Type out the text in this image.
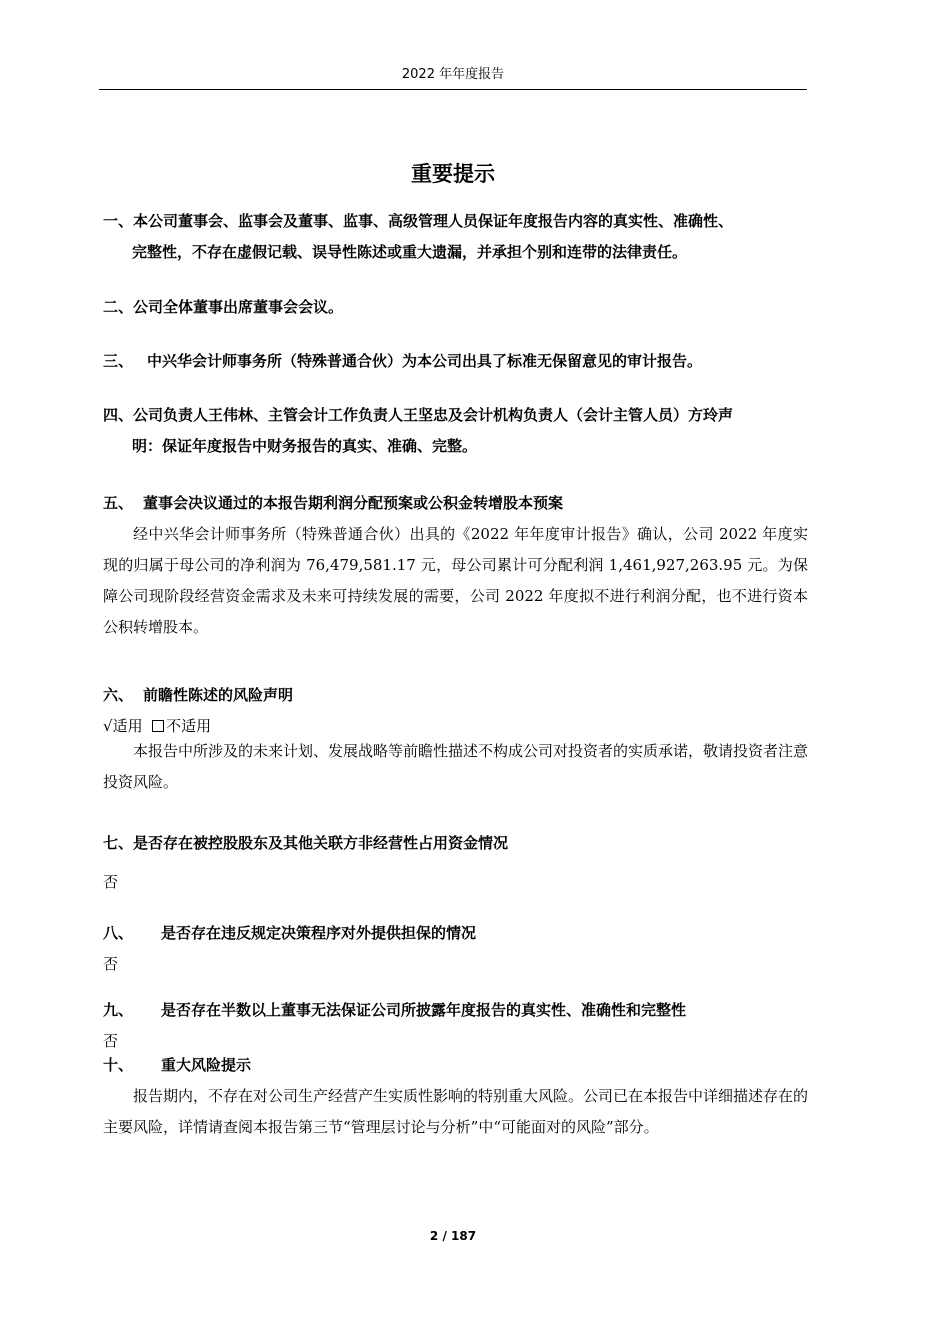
2022 年年度报告
重要提示
一、 本公司董事会、监事会及董事、监事、高级管理人员保证年度报告内容的真实性、准确性、
完整性，不存在虚假记载、误导性陈述或重大遗漏，并承担个别和连带的法律责任。
二、 公司全体董事出席董事会会议。
三、 中兴华会计师事务所（特殊普通合伙）为本公司出具了标准无保留意见的审计报告。
四、 公司负责人王伟林、主管会计工作负责人王坚忠及会计机构负责人（会计主管人员）方玲声
明：保证年度报告中财务报告的真实、准确、完整。
五、 董事会决议通过的本报告期利润分配预案或公积金转增股本预案
经中兴华会计师事务所（特殊普通合伙）出具的《2022 年年度审计报告》确认，公司 2022 年度实现的归属于母公司的净利润为 76,479,581.17 元，母公司累计可分配利润 1,461,927,263.95 元。为保障公司现阶段经营资金需求及未来可持续发展的需要，公司 2022 年度拟不进行利润分配，也不进行资本公积转增股本。
六、 前瞻性陈述的风险声明
√适用 不适用
本报告中所涉及的未来计划、发展战略等前瞻性描述不构成公司对投资者的实质承诺，敬请投资者注意投资风险。
七、 是否存在被控股股东及其他关联方非经营性占用资金情况
否
八、 是否存在违反规定决策程序对外提供担保的情况
否
九、 是否存在半数以上董事无法保证公司所披露年度报告的真实性、准确性和完整性
否
十、 重大风险提示
报告期内，不存在对公司生产经营产生实质性影响的特别重大风险。公司已在本报告中详细描述存在的主要风险，详情请查阅本报告第三节“管理层讨论与分析”中“可能面对的风险”部分。
2 / 187
